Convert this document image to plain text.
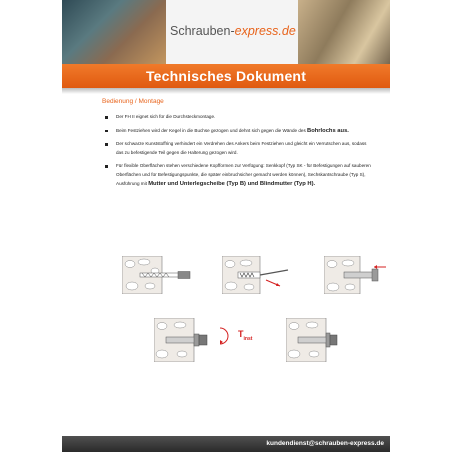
Schrauben-express.de
Technisches Dokument
Bedienung / Montage
Der FH II eignet sich für die Durchsteckmontage.
Beim Festziehen wird der Kegel in die Buchse gezogen und dehnt sich gegen die Wände des Bohrlochs aus.
Der schwarze Kunststoffring verhindert ein Verdrehen des Ankers beim Festziehen und gleicht ein Verrutschen aus, sodass das zu befestigende Teil gegen die Halterung gezogen wird.
Für flexible Oberflächen stehen verschiedene Kopfformen zur Verfügung: Senkkopf (Typ SK - für Befestigungen auf sauberen Oberflächen und für Befestigungspunkte, die später einbruchsicher gemacht werden können), Sechskantschraube (Typ S), Ausführung mit Mutter und Unterlegscheibe (Typ B) und Blindmutter (Typ H).
$T_{inst}$
kundendienst@schrauben-express.de
